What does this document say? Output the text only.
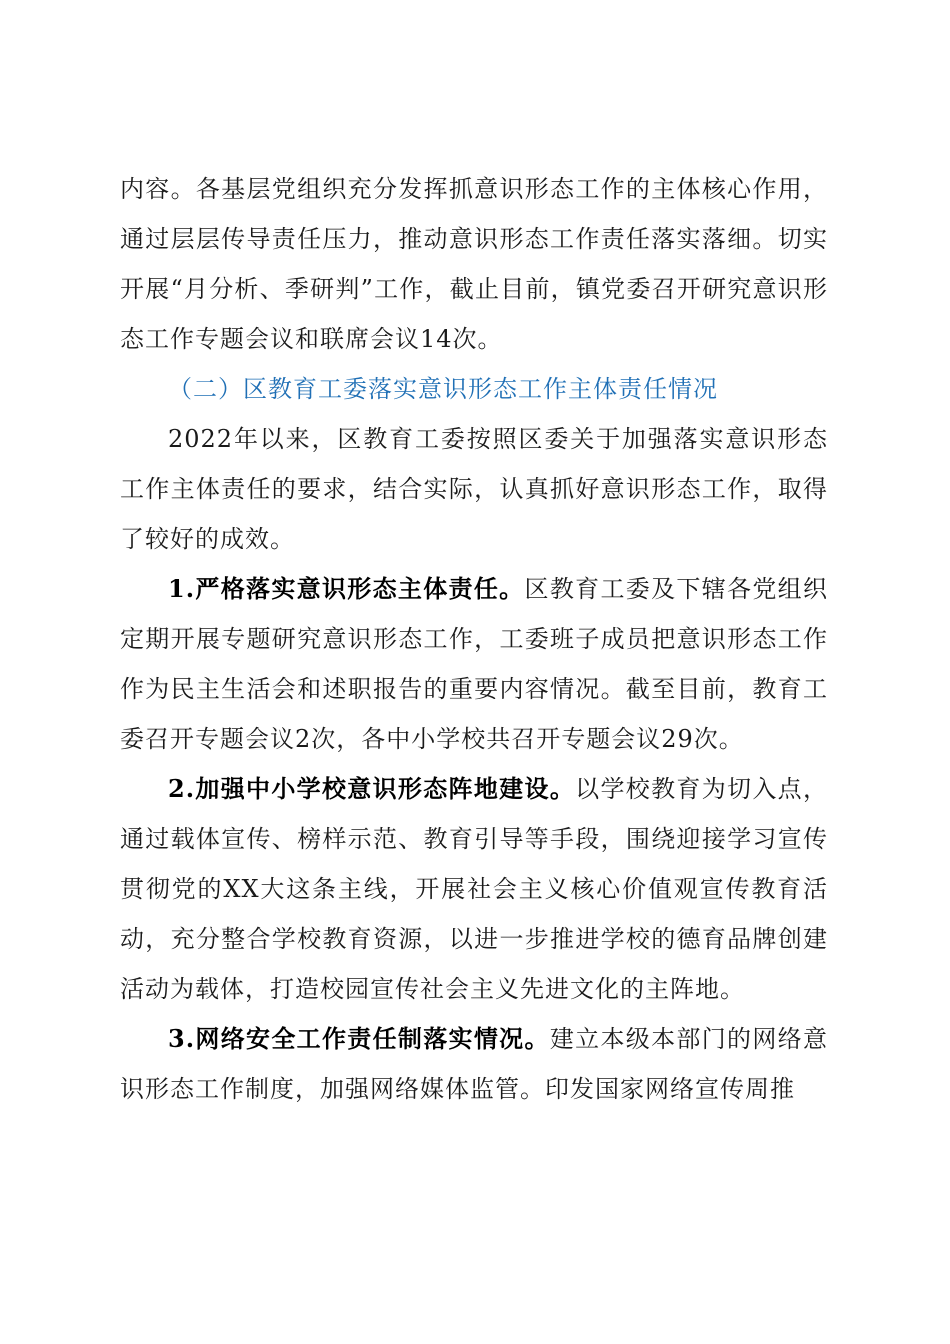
内容。各基层党组织充分发挥抓意识形态工作的主体核心作用，通过层层传导责任压力，推动意识形态工作责任落实落细。切实开展“月分析、季研判”工作，截止目前，镇党委召开研究意识形态工作专题会议和联席会议14次。

（二）区教育工委落实意识形态工作主体责任情况

2022年以来，区教育工委按照区委关于加强落实意识形态工作主体责任的要求，结合实际，认真抓好意识形态工作，取得了较好的成效。

1.严格落实意识形态主体责任。区教育工委及下辖各党组织定期开展专题研究意识形态工作，工委班子成员把意识形态工作作为民主生活会和述职报告的重要内容情况。截至目前，教育工委召开专题会议2次，各中小学校共召开专题会议29次。

2.加强中小学校意识形态阵地建设。以学校教育为切入点，通过载体宣传、榜样示范、教育引导等手段，围绕迎接学习宣传贯彻党的XX大这条主线，开展社会主义核心价值观宣传教育活动，充分整合学校教育资源，以进一步推进学校的德育品牌创建活动为载体，打造校园宣传社会主义先进文化的主阵地。

3.网络安全工作责任制落实情况。建立本级本部门的网络意识形态工作制度，加强网络媒体监管。印发国家网络宣传周推
